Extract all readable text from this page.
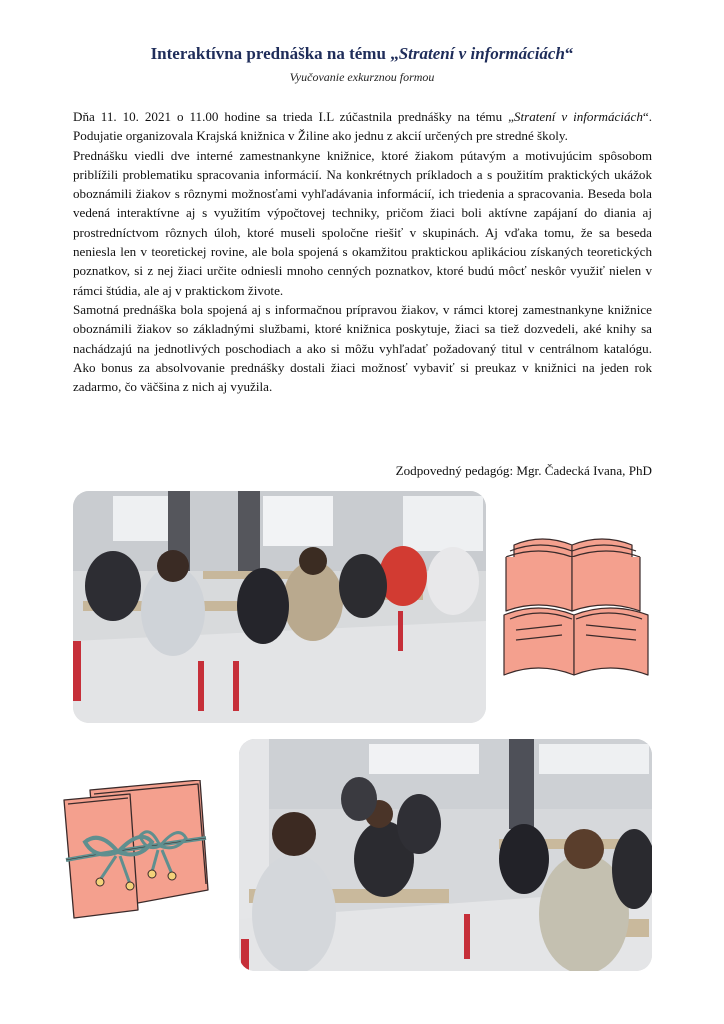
Interaktívna prednáška na tému „Stratení v informáciách“
Vyučovanie exkurznou formou

Dňa 11. 10. 2021 o 11.00 hodine sa trieda I.L zúčastnila prednášky na tému „Stratení v informáciách“. Podujatie organizovala Krajská knižnica v Žiline ako jednu z akcií určených pre stredné školy.

Prednášku viedli dve interné zamestnankyne knižnice, ktoré žiakom pútavým a motivujúcim spôsobom priblížili problematiku spracovania informácií. Na konkrétnych príkladoch a s použitím praktických ukážok oboznámili žiakov s rôznymi možnosťami vyhľadávania informácií, ich triedenia a spracovania. Beseda bola vedená interaktívne aj s využitím výpočtovej techniky, pričom žiaci boli aktívne zapájaní do diania aj prostredníctvom rôznych úloh, ktoré museli spoločne riešiť v skupinách. Aj vďaka tomu, že sa beseda neniesla len v teoretickej rovine, ale bola spojená s okamžitou praktickou aplikáciou získaných teoretických poznatkov, si z nej žiaci určite odniesli mnoho cenných poznatkov, ktoré budú môcť neskôr využiť nielen v rámci štúdia, ale aj v praktickom živote.

Samotná prednáška bola spojená aj s informačnou prípravou žiakov, v rámci ktorej zamestnankyne knižnice oboznámili žiakov so základnými službami, ktoré knižnica poskytuje, žiaci sa tiež dozvedeli, aké knihy sa nachádzajú na jednotlivých poschodiach a ako si môžu vyhľadať požadovaný titul v centrálnom katalógu. Ako bonus za absolvovanie prednášky dostali žiaci možnosť vybaviť si preukaz v knižnici na jeden rok zadarmo, čo väčšina z nich aj využila.

Zodpovedný pedagóg: Mgr. Čadecká Ivana, PhD
